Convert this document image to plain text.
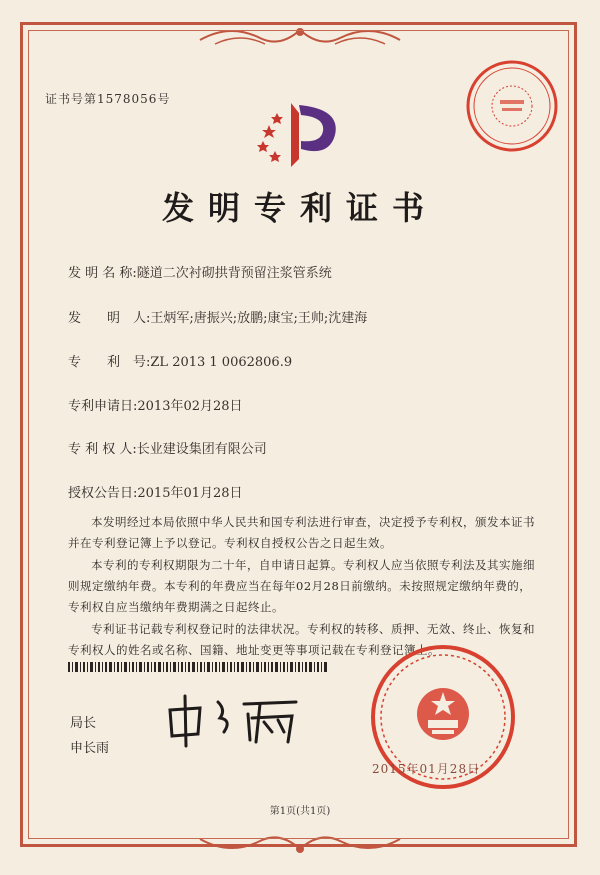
证书号第1578056号
发明专利证书
发 明 名 称:隧道二次衬砌拱背预留注浆管系统
发　　明　人:王炳军;唐振兴;放鹏;康宝;王帅;沈建海
专　　利　号:ZL 2013 1 0062806.9
专利申请日:2013年02月28日
专 利 权 人:长业建设集团有限公司
授权公告日:2015年01月28日
本发明经过本局依照中华人民共和国专利法进行审查，决定授予专利权，颁发本证书并在专利登记簿上予以登记。专利权自授权公告之日起生效。
本专利的专利权期限为二十年，自申请日起算。专利权人应当依照专利法及其实施细则规定缴纳年费。本专利的年费应当在每年02月28日前缴纳。未按照规定缴纳年费的，专利权自应当缴纳年费期满之日起终止。
专利证书记载专利权登记时的法律状况。专利权的转移、质押、无效、终止、恢复和专利权人的姓名或名称、国籍、地址变更等事项记载在专利登记簿上。
局长
申长雨
2015年01月28日
第1页(共1页)
